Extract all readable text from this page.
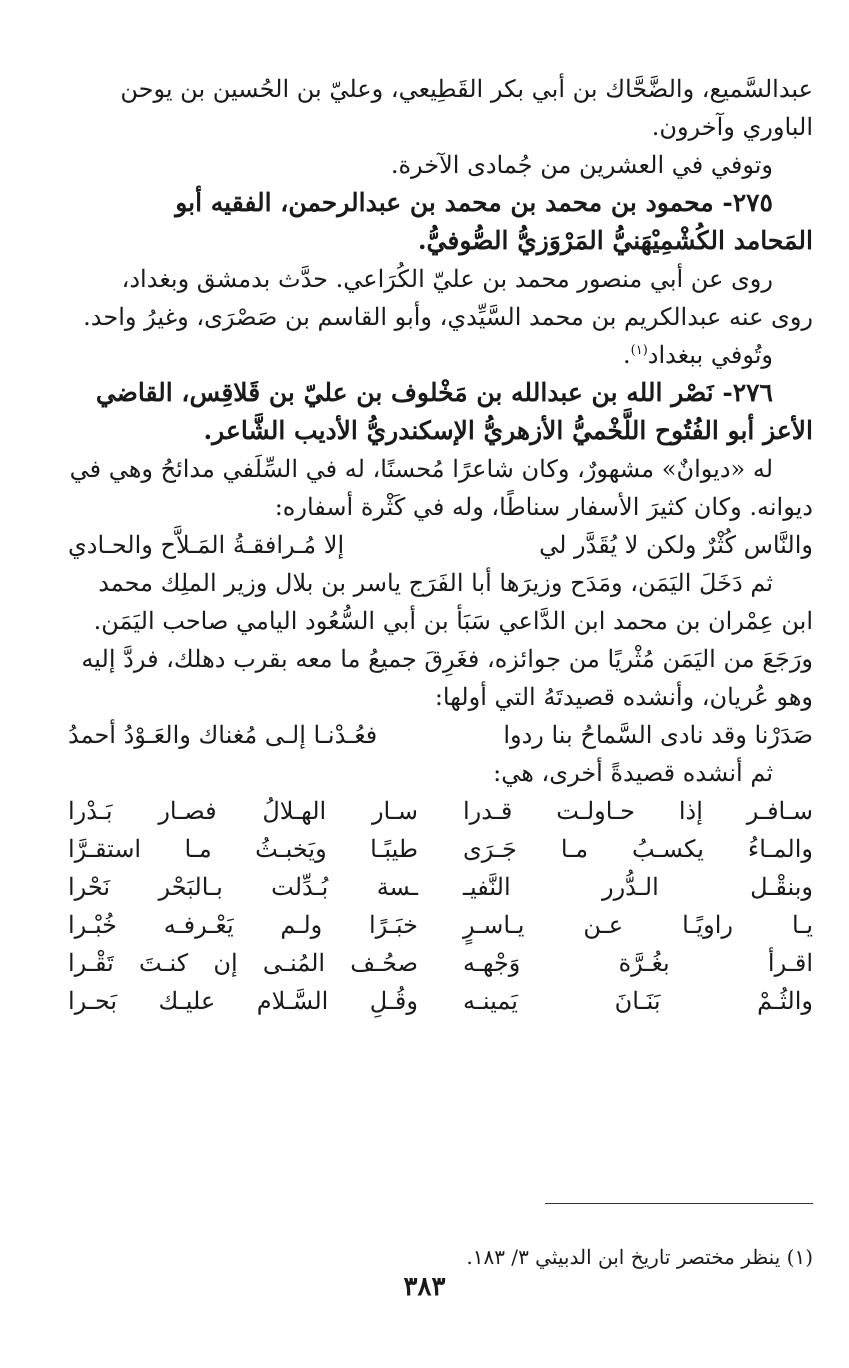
عبدالسَّميع، والضَّحَّاك بن أبي بكر القَطِيعي، وعليّ بن الحُسين بن يوحن

الباوري وآخرون.

وتوفي في العشرين من جُمادى الآخرة.

٢٧٥- محمود بن محمد بن محمد بن عبدالرحمن، الفقيه أبو

المَحامد الكُشْمِيْهَنيُّ المَرْوَزيُّ الصُّوفيُّ.

روى عن أبي منصور محمد بن عليّ الكُرَاعي. حدَّث بدمشق وبغداد،

روى عنه عبدالكريم بن محمد السَّيِّدي، وأبو القاسم بن صَصْرَى، وغيرُ واحد.

وتُوفي ببغداد$^{(١)}$.

٢٧٦- نَصْر الله بن عبدالله بن مَخْلوف بن عليّ بن قَلاقِس، القاضي

الأعز أبو الفُتُوح اللَّخْميُّ الأزهريُّ الإسكندريُّ الأديب الشَّاعر.

له «ديوانٌ» مشهورٌ، وكان شاعرًا مُحسنًا، له في السِّلَفي مدائحُ وهي في

ديوانه. وكان كثيرَ الأسفار سناطًا، وله في كَثْرة أسفاره:

والنَّاس كُثْرٌ ولكن لا يُقَدَّر لي
إلا مُـرافقـةُ المَـلاَّح والحـادي

ثم دَخَلَ اليَمَن، ومَدَح وزيرَها أبا الفَرَج ياسر بن بلال وزير الملِك محمد

ابن عِمْران بن محمد ابن الدَّاعي سَبَأ بن أبي السُّعُود اليامي صاحب اليَمَن.

ورَجَعَ من اليَمَن مُثْريًا من جوائزه، فغَرِقَ جميعُ ما معه بقرب دهلك، فردَّ إليه

وهو عُريان، وأنشده قصيدتَهُ التي أولها:

صَدَرْنا وقد نادى السَّماحُ بنا ردوا
فعُـدْنـا إلـى مُغناك والعَـوْدُ أحمدُ

ثم أنشده قصيدةً أخرى، هي:

سـافـر إذا حـاولـت قـدرا
سـار الهـلالُ فصـار بَـدْرا
والمـاءُ يكسـبُ مـا جَـرَى
طيبًـا ويَخبـثُ مـا استقـرَّا
وبنقْـل الـدُّرر النَّفيـ
ـسة بُـدِّلت بـالبَحْر نَحْرا
يـا راويًـا عـن يـاسـرٍ
خبَـرًا ولـم يَعْـرفـه خُبْـرا
اقـرأ بغُـرَّة وَجْهـه
صحُـف المُنـى إن كنـتَ تَقْـرا
والثُـمْ بَنَـانَ يَمينـه
وقُـلِ السَّـلام عليـك بَحـرا

(١) ينظر مختصر تاريخ ابن الدبيثي ٣/ ١٨٣.

٣٨٣
